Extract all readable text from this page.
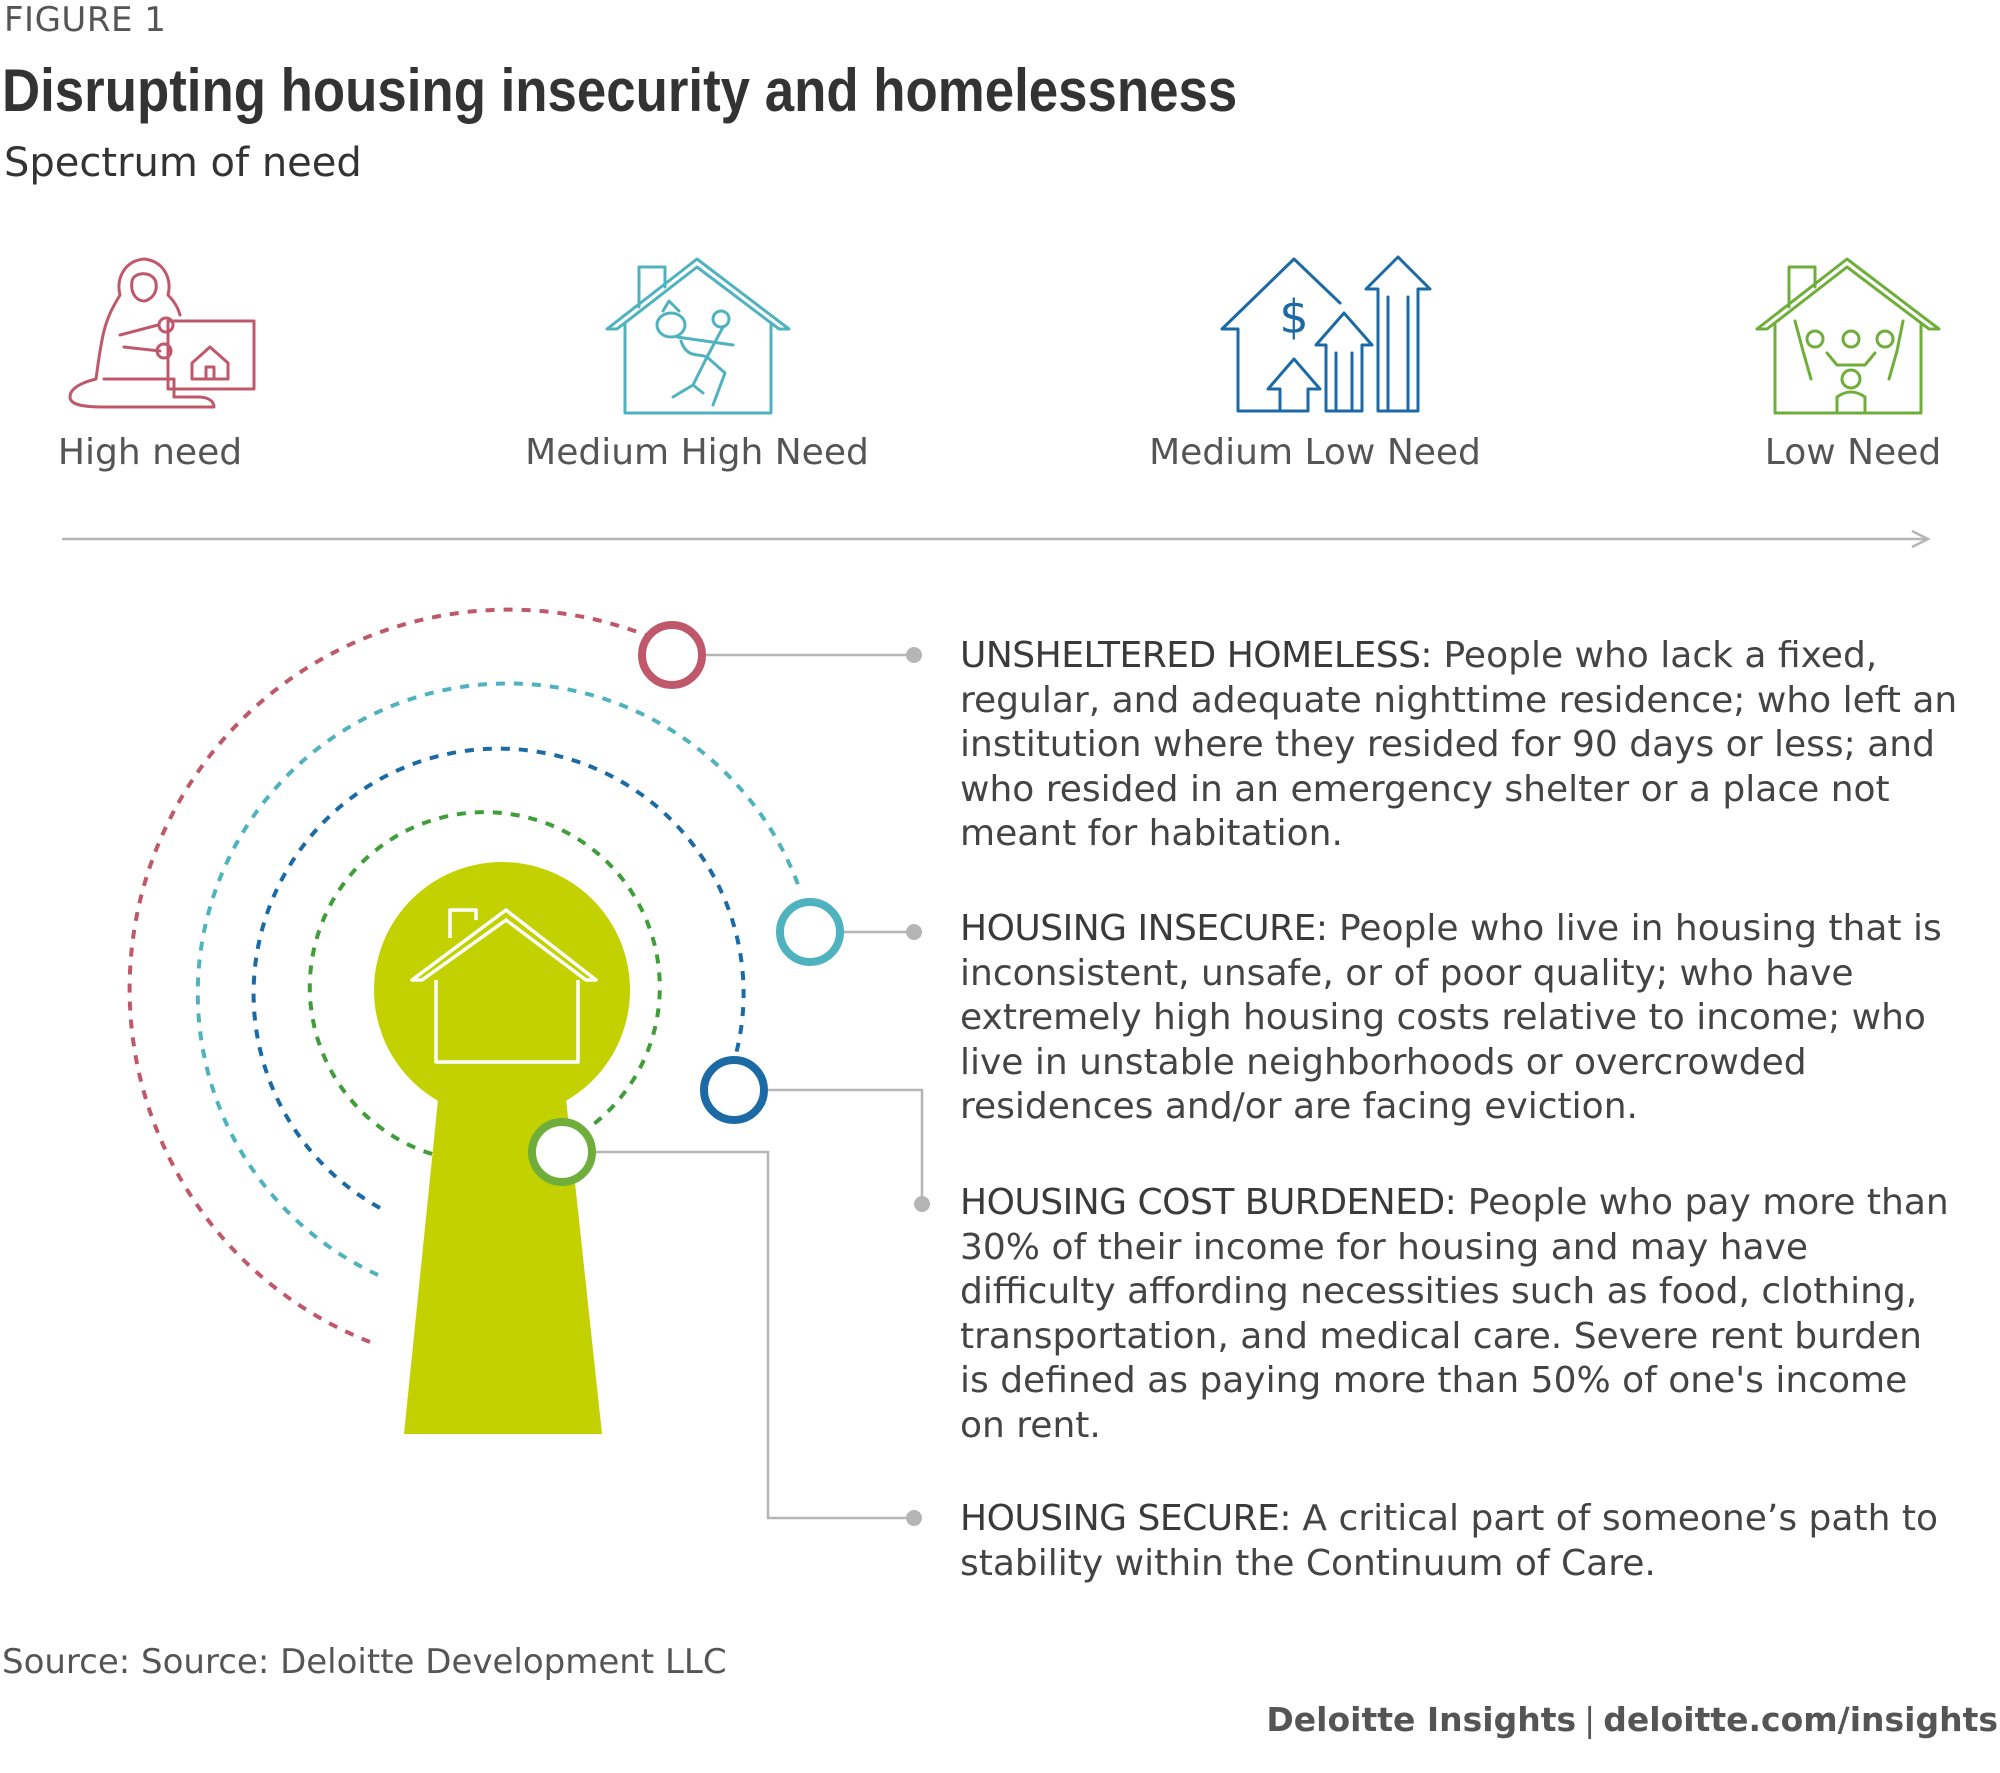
FIGURE 1
Disrupting housing insecurity and homelessness
Spectrum of need
$
High need	Medium High Need	Medium Low Need	Low Need
UNSHELTERED HOMELESS: People who lack a fixed, regular, and adequate nighttime residence; who left an institution where they resided for 90 days or less; and who resided in an emergency shelter or a place not meant for habitation.
HOUSING INSECURE: People who live in housing that is inconsistent, unsafe, or of poor quality; who have extremely high housing costs relative to income; who live in unstable neighborhoods or overcrowded residences and/or are facing eviction.
HOUSING COST BURDENED: People who pay more than 30% of their income for housing and may have difficulty affording necessities such as food, clothing, transportation, and medical care. Severe rent burden is defined as paying more than 50% of one's income on rent.
HOUSING SECURE: A critical part of someone’s path to stability within the Continuum of Care.
Source: Source: Deloitte Development LLC
Deloitte Insights | deloitte.com/insights
